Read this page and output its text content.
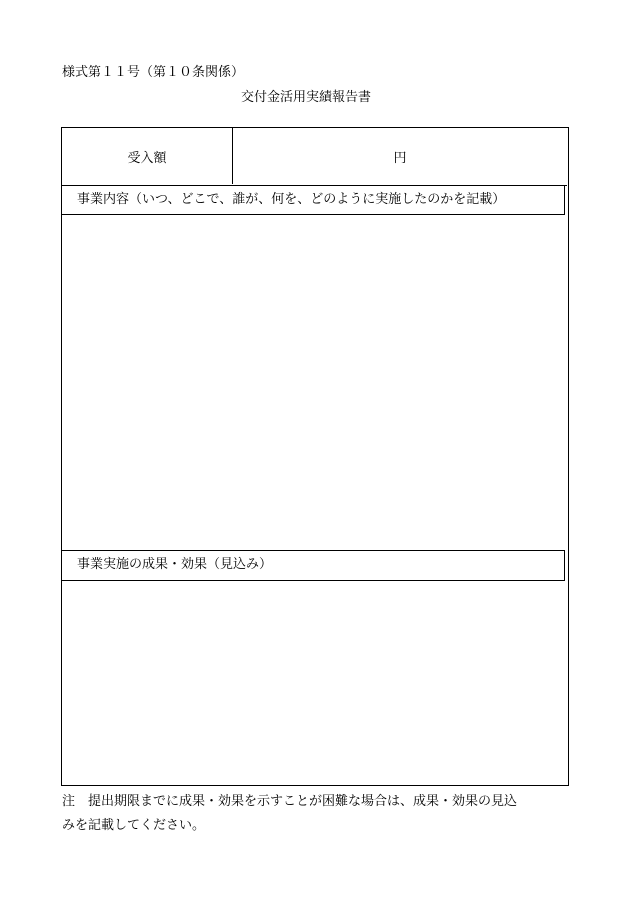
様式第１１号（第１０条関係）
交付金活用実績報告書
受入額	円
事業内容（いつ、どこで、誰が、何を、どのように実施したのかを記載）
事業実施の成果・効果（見込み）
注　提出期限までに成果・効果を示すことが困難な場合は、成果・効果の見込
みを記載してください。
